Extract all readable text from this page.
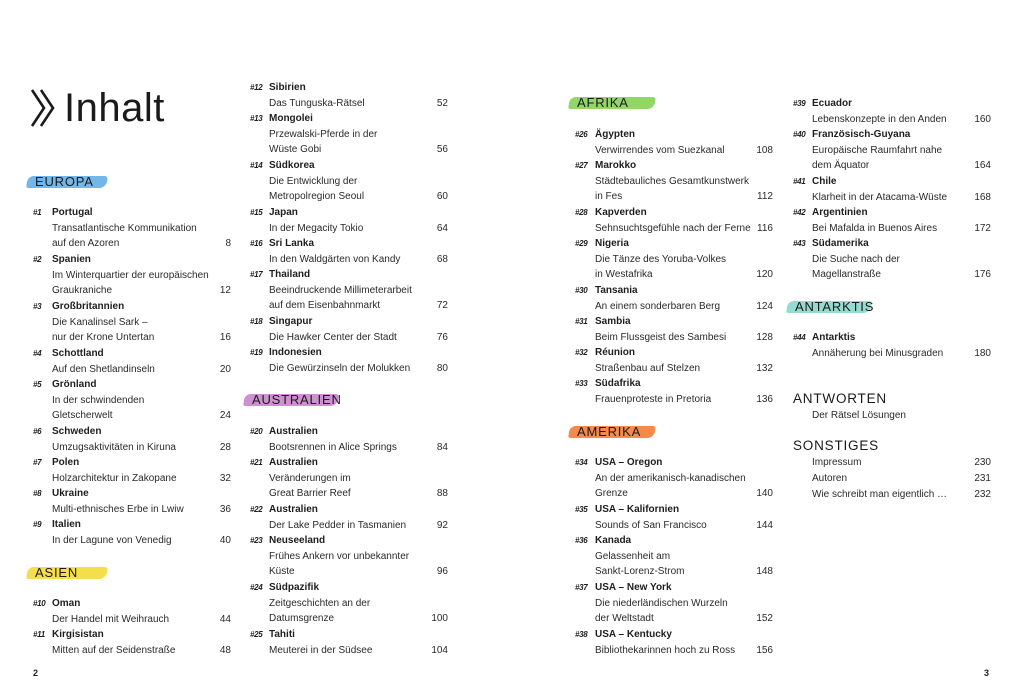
Inhalt
EUROPA
#1 Portugal
Transatlantische Kommunikation
auf den Azoren	8
#2 Spanien
Im Winterquartier der europäischen
Graukraniche	12
#3 Großbritannien
Die Kanalinsel Sark –
nur der Krone Untertan	16
#4 Schottland
Auf den Shetlandinseln	20
#5 Grönland
In der schwindenden
Gletscherwelt	24
#6 Schweden
Umzugsaktivitäten in Kiruna	28
#7 Polen
Holzarchitektur in Zakopane	32
#8 Ukraine
Multi-ethnisches Erbe in Lwiw	36
#9 Italien
In der Lagune von Venedig	40
ASIEN
#10 Oman
Der Handel mit Weihrauch	44
#11 Kirgisistan
Mitten auf der Seidenstraße	48
#12 Sibirien
Das Tunguska-Rätsel	52
#13 Mongolei
Przewalski-Pferde in der
Wüste Gobi	56
#14 Südkorea
Die Entwicklung der
Metropolregion Seoul	60
#15 Japan
In der Megacity Tokio	64
#16 Sri Lanka
In den Waldgärten von Kandy	68
#17 Thailand
Beeindruckende Millimeterarbeit
auf dem Eisenbahnmarkt	72
#18 Singapur
Die Hawker Center der Stadt	76
#19 Indonesien
Die Gewürzinseln der Molukken	80
AUSTRALIEN
#20 Australien
Bootsrennen in Alice Springs	84
#21 Australien
Veränderungen im
Great Barrier Reef	88
#22 Australien
Der Lake Pedder in Tasmanien	92
#23 Neuseeland
Frühes Ankern vor unbekannter
Küste	96
#24 Südpazifik
Zeitgeschichten an der
Datumsgrenze	100
#25 Tahiti
Meuterei in der Südsee	104
AFRIKA
#26 Ägypten
Verwirrendes vom Suezkanal	108
#27 Marokko
Städtebauliches Gesamtkunstwerk
in Fes	112
#28 Kapverden
Sehnsuchtsgefühle nach der Ferne 116
#29 Nigeria
Die Tänze des Yoruba-Volkes
in Westafrika	120
#30 Tansania
An einem sonderbaren Berg	124
#31 Sambia
Beim Flussgeist des Sambesi	128
#32 Réunion
Straßenbau auf Stelzen	132
#33 Südafrika
Frauenproteste in Pretoria	136
AMERIKA
#34 USA – Oregon
An der amerikanisch-kanadischen
Grenze	140
#35 USA – Kalifornien
Sounds of San Francisco	144
#36 Kanada
Gelassenheit am
Sankt-Lorenz-Strom	148
#37 USA – New York
Die niederländischen Wurzeln
der Weltstadt	152
#38 USA – Kentucky
Bibliothekarinnen hoch zu Ross 156
#39 Ecuador
Lebenskonzepte in den Anden	160
#40 Französisch-Guyana
Europäische Raumfahrt nahe
dem Äquator	164
#41 Chile
Klarheit in der Atacama-Wüste	168
#42 Argentinien
Bei Mafalda in Buenos Aires	172
#43 Südamerika
Die Suche nach der
Magellanstraße	176
ANTARKTIS
#44 Antarktis
Annäherung bei Minusgraden	180
ANTWORTEN
Der Rätsel Lösungen
SONSTIGES
Impressum	230
Autoren	231
Wie schreibt man eigentlich …	232
2	3
